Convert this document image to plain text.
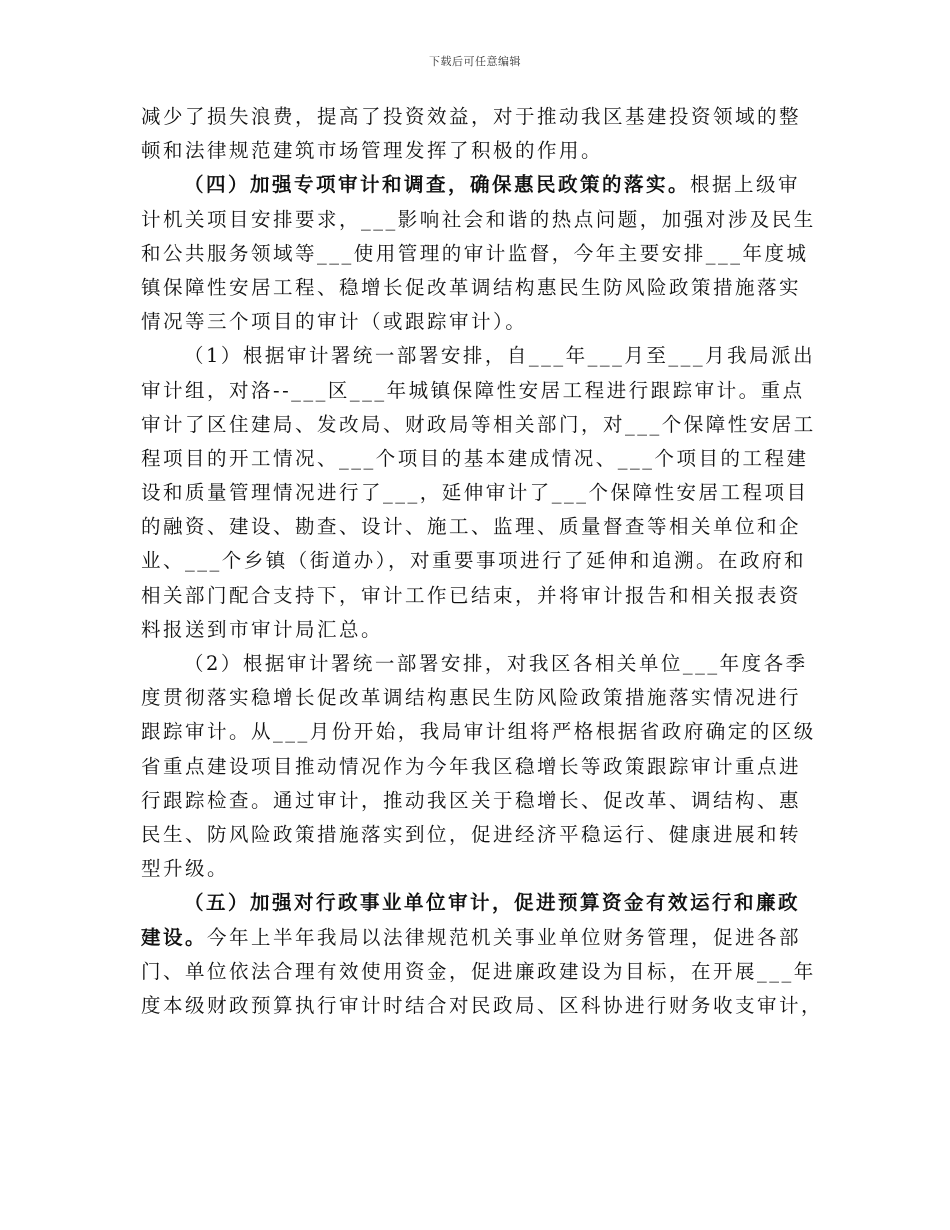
下载后可任意编辑
减少了损失浪费，提高了投资效益，对于推动我区基建投资领域的整
顿和法律规范建筑市场管理发挥了积极的作用。
（四）加强专项审计和调查，确保惠民政策的落实。根据上级审
计机关项目安排要求，___影响社会和谐的热点问题，加强对涉及民生
和公共服务领域等___使用管理的审计监督，今年主要安排___年度城
镇保障性安居工程、稳增长促改革调结构惠民生防风险政策措施落实
情况等三个项目的审计（或跟踪审计）。
（1）根据审计署统一部署安排，自___年___月至___月我局派出
审计组，对洛--___区___年城镇保障性安居工程进行跟踪审计。重点
审计了区住建局、发改局、财政局等相关部门，对___个保障性安居工
程项目的开工情况、___个项目的基本建成情况、___个项目的工程建
设和质量管理情况进行了___，延伸审计了___个保障性安居工程项目
的融资、建设、勘查、设计、施工、监理、质量督查等相关单位和企
业、___个乡镇（街道办），对重要事项进行了延伸和追溯。在政府和
相关部门配合支持下，审计工作已结束，并将审计报告和相关报表资
料报送到市审计局汇总。
（2）根据审计署统一部署安排，对我区各相关单位___年度各季
度贯彻落实稳增长促改革调结构惠民生防风险政策措施落实情况进行
跟踪审计。从___月份开始，我局审计组将严格根据省政府确定的区级
省重点建设项目推动情况作为今年我区稳增长等政策跟踪审计重点进
行跟踪检查。通过审计，推动我区关于稳增长、促改革、调结构、惠
民生、防风险政策措施落实到位，促进经济平稳运行、健康进展和转
型升级。
（五）加强对行政事业单位审计，促进预算资金有效运行和廉政
建设。今年上半年我局以法律规范机关事业单位财务管理，促进各部
门、单位依法合理有效使用资金，促进廉政建设为目标，在开展___年
度本级财政预算执行审计时结合对民政局、区科协进行财务收支审计，
